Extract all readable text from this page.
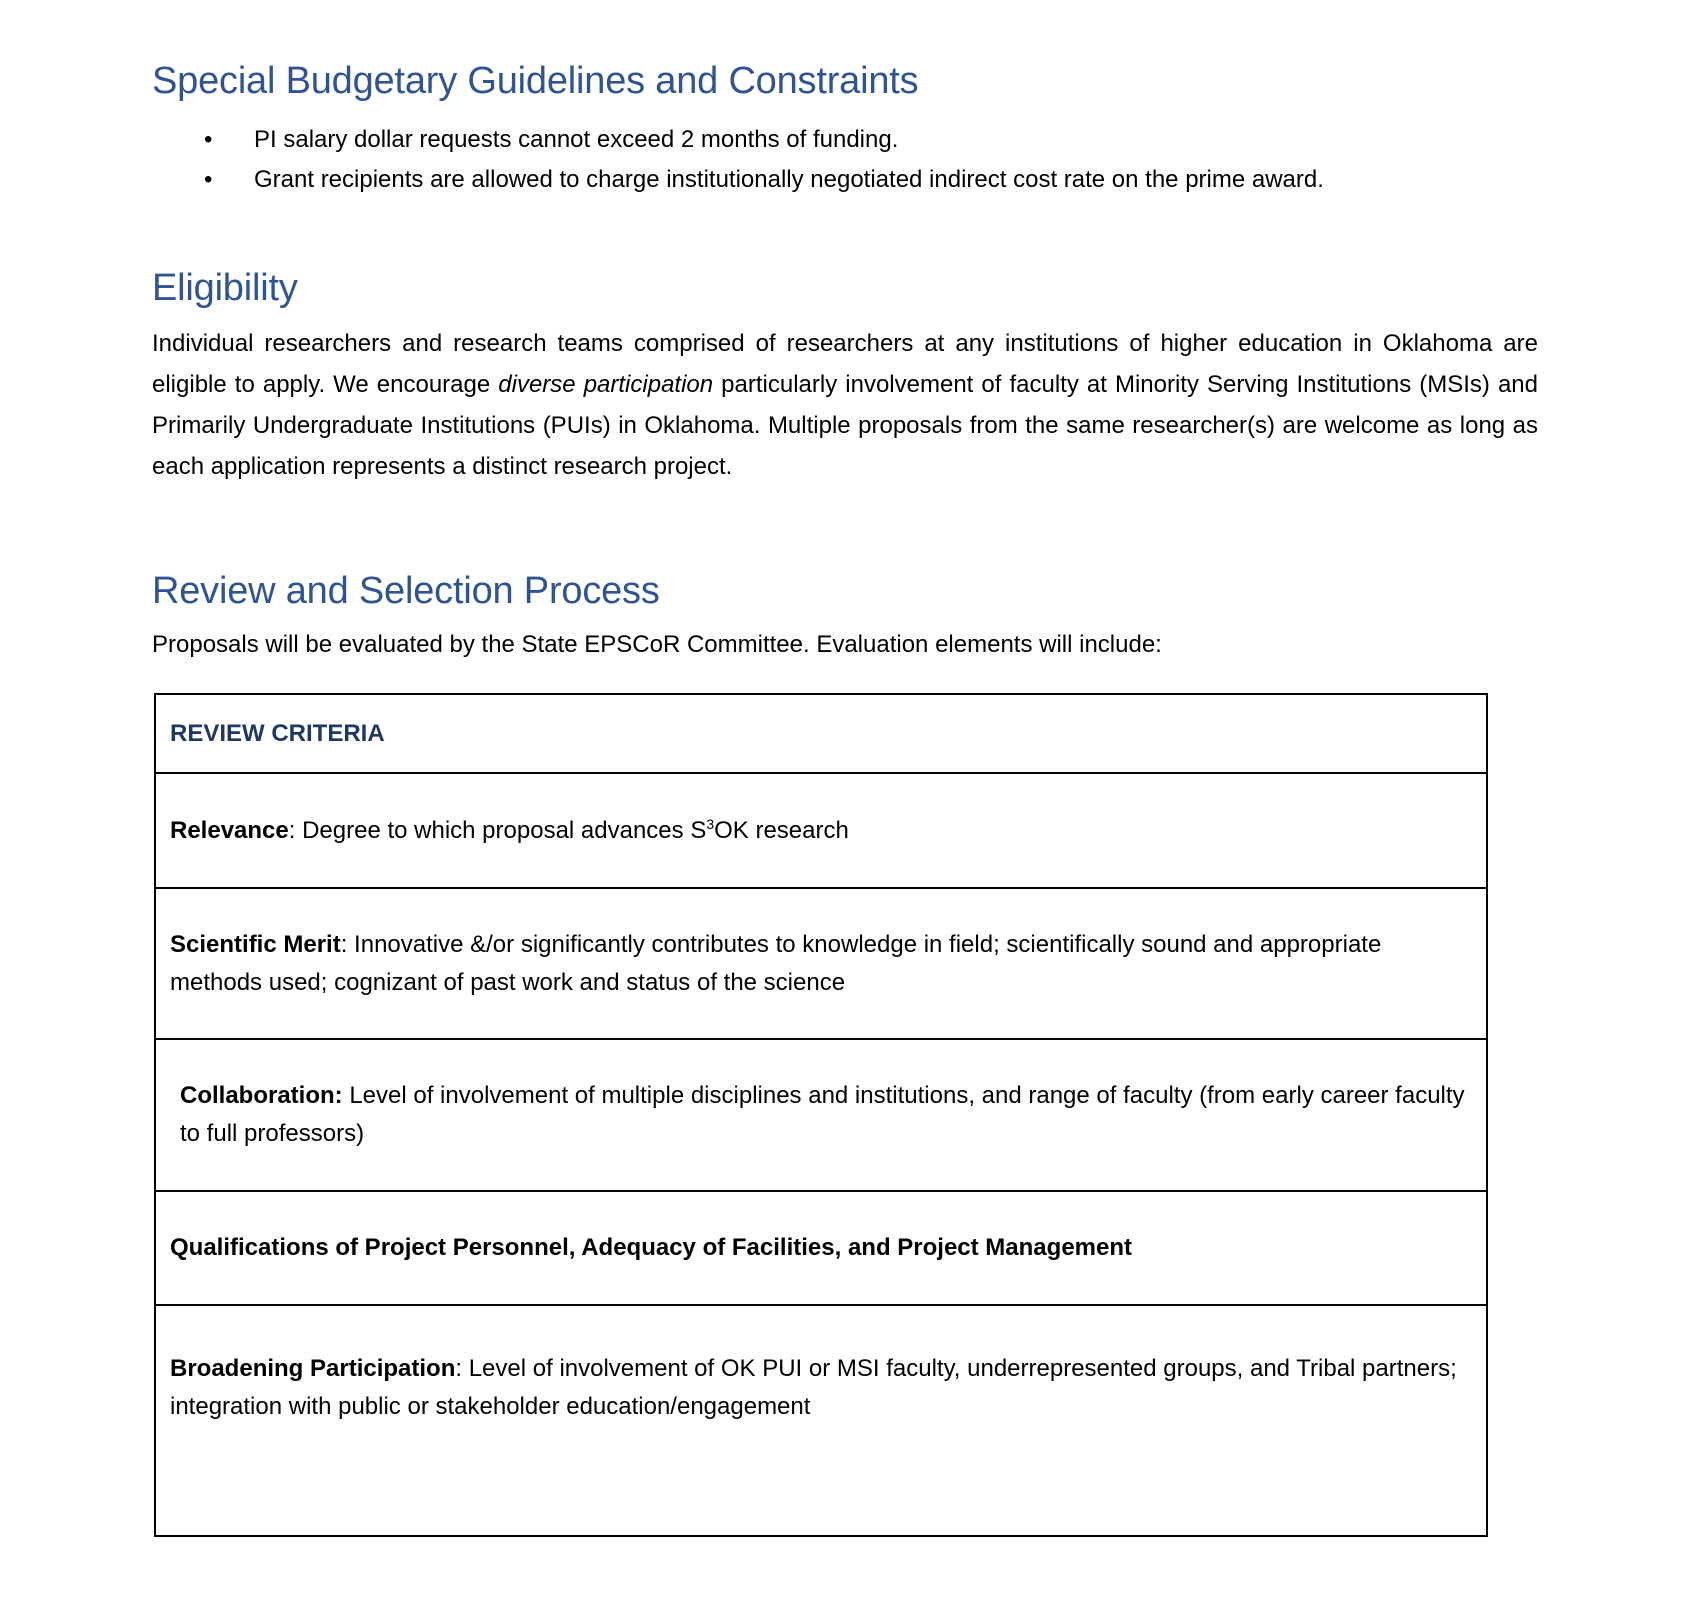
Special Budgetary Guidelines and Constraints
• PI salary dollar requests cannot exceed 2 months of funding.
• Grant recipients are allowed to charge institutionally negotiated indirect cost rate on the prime award.
Eligibility

Individual researchers and research teams comprised of researchers at any institutions of higher education in Oklahoma are eligible to apply. We encourage diverse participation particularly involvement of faculty at Minority Serving Institutions (MSIs) and Primarily Undergraduate Institutions (PUIs) in Oklahoma. Multiple proposals from the same researcher(s) are welcome as long as each application represents a distinct research project.

Review and Selection Process

Proposals will be evaluated by the State EPSCoR Committee. Evaluation elements will include:

REVIEW CRITERIA
Relevance: Degree to which proposal advances $S^3OK$ research
Scientific Merit: Innovative &/or significantly contributes to knowledge in field; scientifically sound and appropriate methods used; cognizant of past work and status of the science
Collaboration: Level of involvement of multiple disciplines and institutions, and range of faculty (from early career faculty to full professors)
Qualifications of Project Personnel, Adequacy of Facilities, and Project Management
Broadening Participation: Level of involvement of OK PUI or MSI faculty, underrepresented groups, and Tribal partners; integration with public or stakeholder education/engagement
